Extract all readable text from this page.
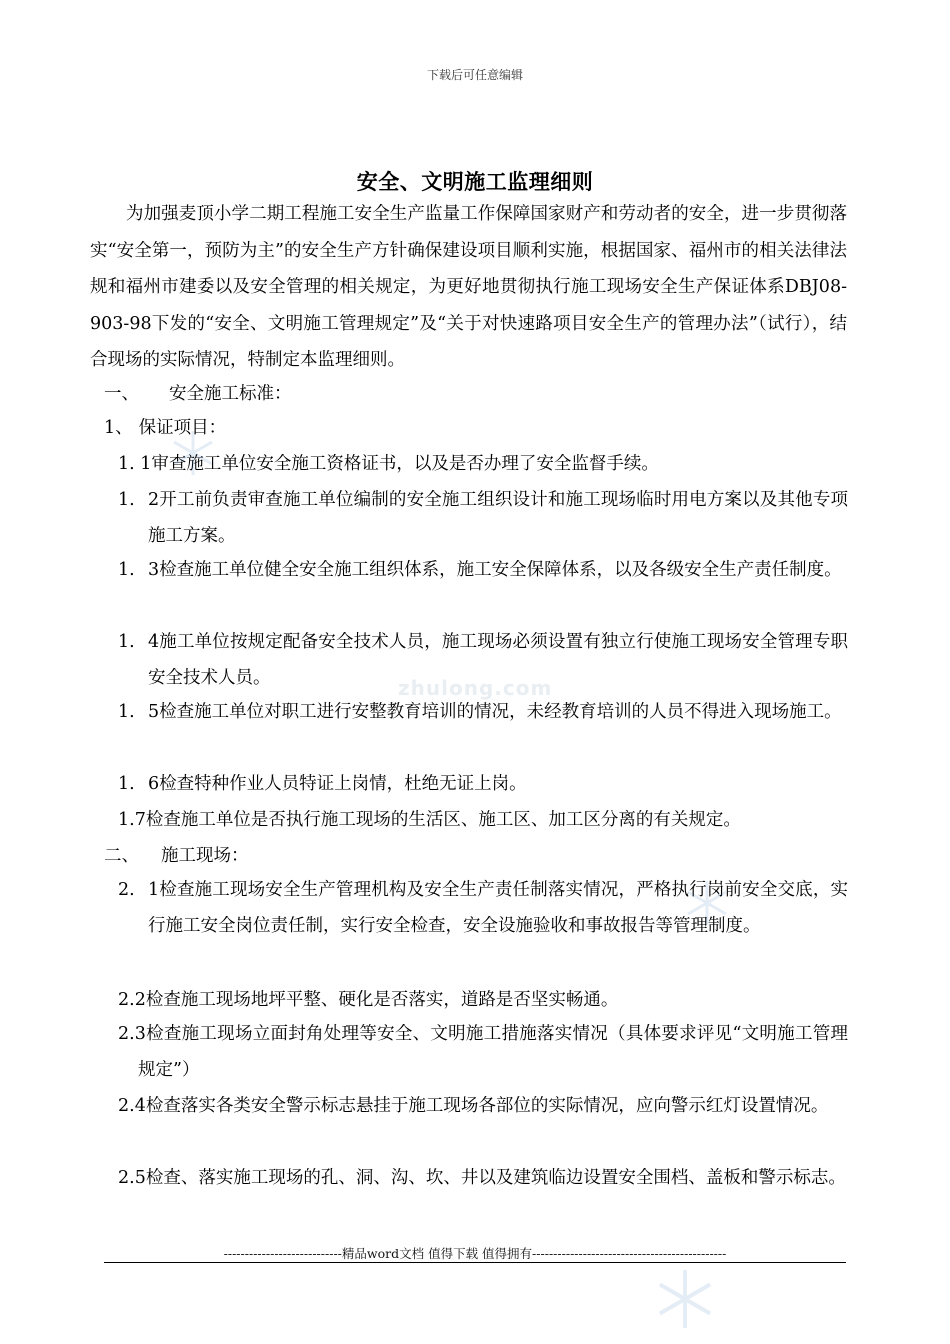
下载后可任意编辑
安全、文明施工监理细则
为加强麦顶小学二期工程施工安全生产监量工作保障国家财产和劳动者的安全，进一步贯彻落实“安全第一，预防为主”的安全生产方针确保建设项目顺利实施，根据国家、福州市的相关法律法规和福州市建委以及安全管理的相关规定，为更好地贯彻执行施工现场安全生产保证体系DBJ08-903-98下发的“安全、文明施工管理规定”及“关于对快速路项目安全生产的管理办法”（试行），结合现场的实际情况，特制定本监理细则。
一、 安全施工标准：
1、 保证项目：
1. 1审查施工单位安全施工资格证书，以及是否办理了安全监督手续。
1. 2开工前负责审查施工单位编制的安全施工组织设计和施工现场临时用电方案以及其他专项施工方案。
1. 3检查施工单位健全安全施工组织体系，施工安全保障体系，以及各级安全生产责任制度。
1. 4施工单位按规定配备安全技术人员，施工现场必须设置有独立行使施工现场安全管理专职安全技术人员。
1. 5检查施工单位对职工进行安整教育培训的情况，未经教育培训的人员不得进入现场施工。
1. 6检查特种作业人员特证上岗情，杜绝无证上岗。
1.7检查施工单位是否执行施工现场的生活区、施工区、加工区分离的有关规定。
二、 施工现场：
2. 1检查施工现场安全生产管理机构及安全生产责任制落实情况，严格执行岗前安全交底，实行施工安全岗位责任制，实行安全检查，安全设施验收和事故报告等管理制度。
2.2检查施工现场地坪平整、硬化是否落实，道路是否坚实畅通。
2.3检查施工现场立面封角处理等安全、文明施工措施落实情况（具体要求评见“文明施工管理规定”）
2.4检查落实各类安全警示标志悬挂于施工现场各部位的实际情况，应向警示红灯设置情况。
2.5检查、落实施工现场的孔、洞、沟、坎、井以及建筑临边设置安全围档、盖板和警示标志。
zhulong.com
----------------------------精品word文档 值得下载 值得拥有----------------------------------------------
